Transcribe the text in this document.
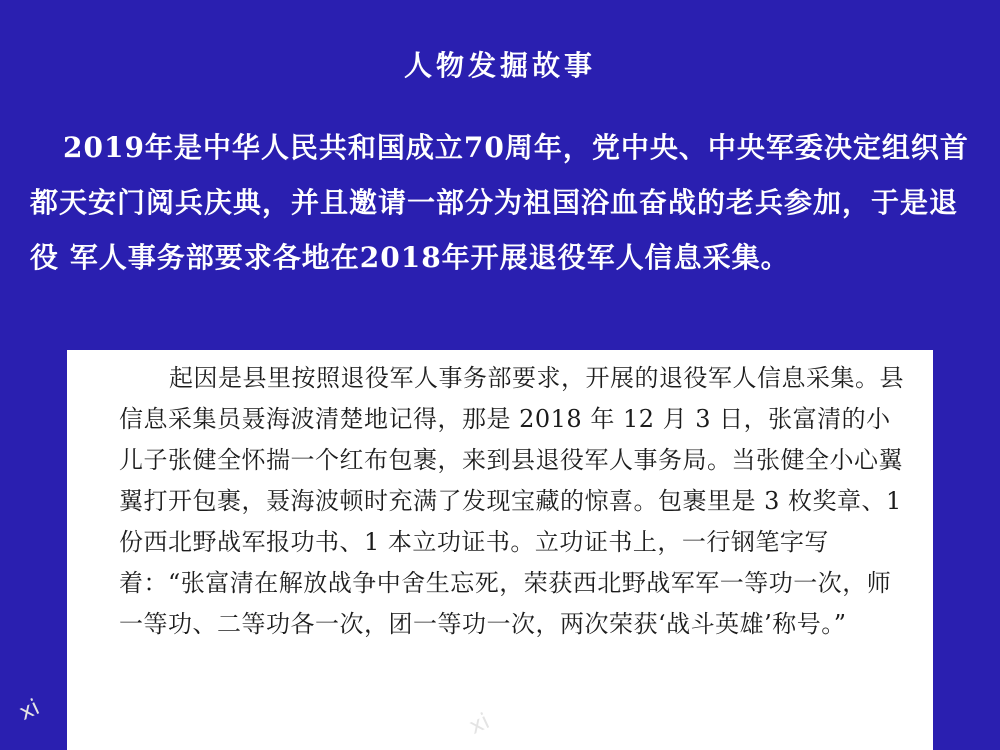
人物发掘故事
2019年是中华人民共和国成立70周年，党中央、中央军委决定组织首都天安门阅兵庆典，并且邀请一部分为祖国浴血奋战的老兵参加，于是退役 军人事务部要求各地在2018年开展退役军人信息采集。
起因是县里按照退役军人事务部要求，开展的退役军人信息采集。县信息采集员聂海波清楚地记得，那是 2018 年 12 月 3 日，张富清的小儿子张健全怀揣一个红布包裹，来到县退役军人事务局。当张健全小心翼翼打开包裹，聂海波顿时充满了发现宝藏的惊喜。包裹里是 3 枚奖章、1 份西北野战军报功书、1 本立功证书。立功证书上，一行钢笔字写着：“张富清在解放战争中舍生忘死，荣获西北野战军军一等功一次，师一等功、二等功各一次，团一等功一次，两次荣获‘战斗英雄’称号。”
xi	xi
